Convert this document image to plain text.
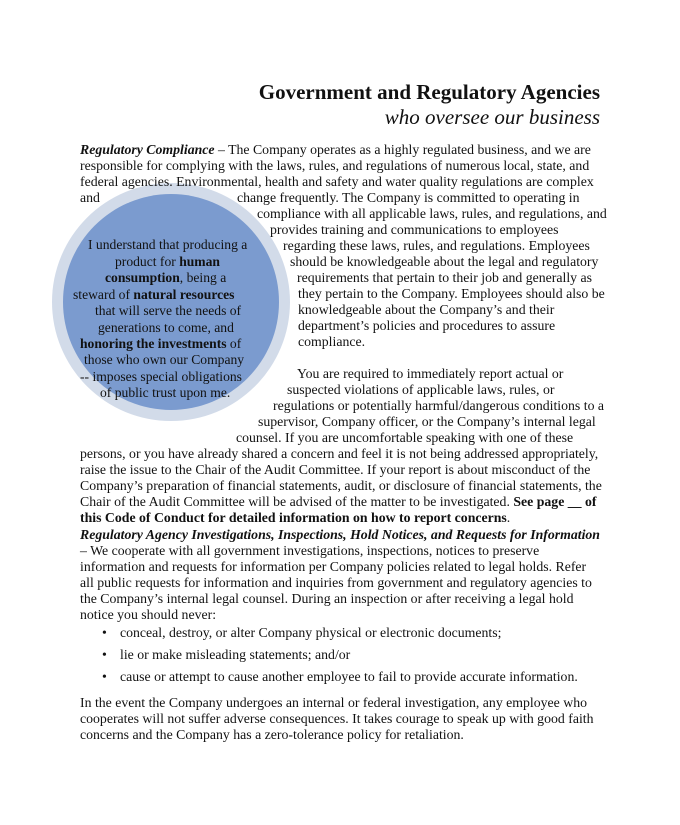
Government and Regulatory Agencies
who oversee our business
I understand that producing a
product for human
consumption, being a
steward of natural resources
that will serve the needs of
generations to come, and
honoring the investments of
those who own our Company
-- imposes special obligations
of public trust upon me.
Regulatory Compliance – The Company operates as a highly regulated business, and we are
responsible for complying with the laws, rules, and regulations of numerous local, state, and
federal agencies. Environmental, health and safety and water quality regulations are complex
and	change frequently. The Company is committed to operating in
compliance with all applicable laws, rules, and regulations, and
provides training and communications to employees
regarding these laws, rules, and regulations. Employees
should be knowledgeable about the legal and regulatory
requirements that pertain to their job and generally as
they pertain to the Company. Employees should also be
knowledgeable about the Company’s and their
department’s policies and procedures to assure
compliance.
You are required to immediately report actual or
suspected violations of applicable laws, rules, or
regulations or potentially harmful/dangerous conditions to a
supervisor, Company officer, or the Company’s internal legal
counsel. If you are uncomfortable speaking with one of these
persons, or you have already shared a concern and feel it is not being addressed appropriately,
raise the issue to the Chair of the Audit Committee. If your report is about misconduct of the
Company’s preparation of financial statements, audit, or disclosure of financial statements, the
Chair of the Audit Committee will be advised of the matter to be investigated. See page __ of
this Code of Conduct for detailed information on how to report concerns.
Regulatory Agency Investigations, Inspections, Hold Notices, and Requests for Information – We cooperate with all government investigations, inspections, notices to preserve information and requests for information per Company policies related to legal holds. Refer all public requests for information and inquiries from government and regulatory agencies to the Company’s internal legal counsel. During an inspection or after receiving a legal hold notice you should never:
• conceal, destroy, or alter Company physical or electronic documents;
• lie or make misleading statements; and/or
• cause or attempt to cause another employee to fail to provide accurate information.
In the event the Company undergoes an internal or federal investigation, any employee who cooperates will not suffer adverse consequences. It takes courage to speak up with good faith concerns and the Company has a zero-tolerance policy for retaliation.
